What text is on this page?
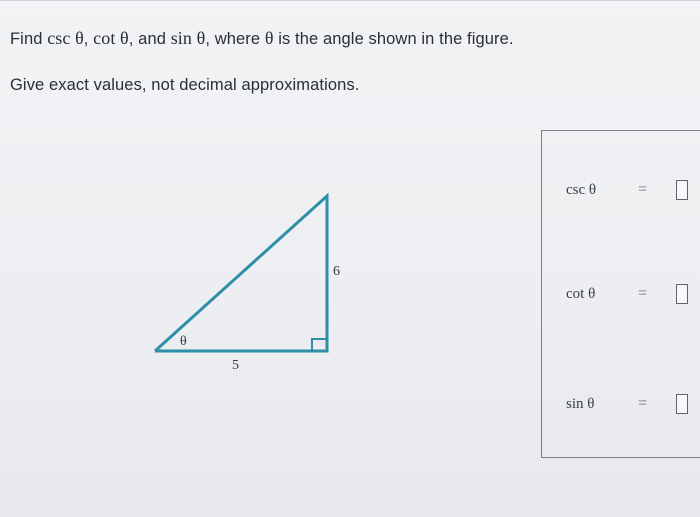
Find csc θ, cot θ, and sin θ, where θ is the angle shown in the figure.
Give exact values, not decimal approximations.
θ
5
6
csc θ	=
cot θ	=
sin θ	=
